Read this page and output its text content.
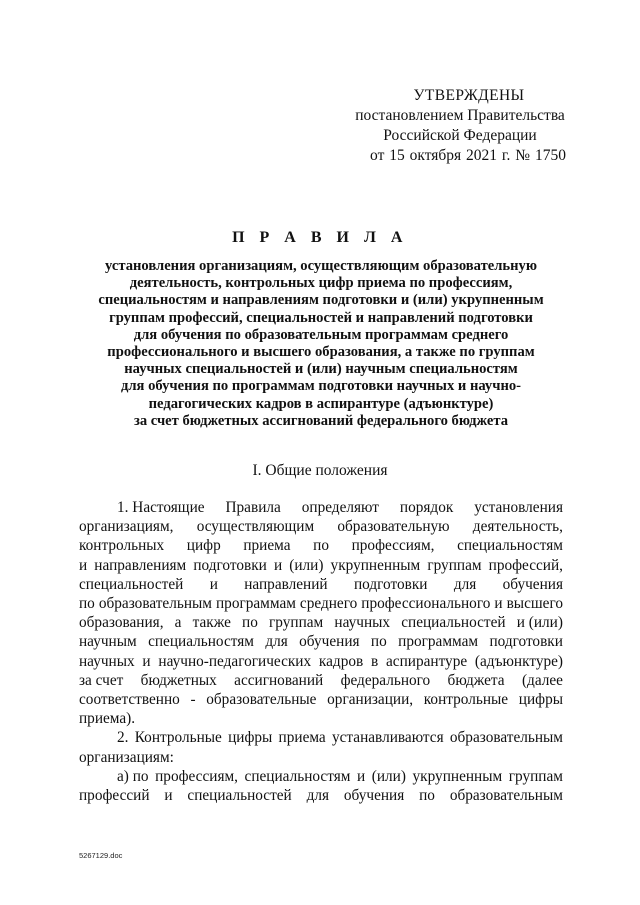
УТВЕРЖДЕНЫ
постановлением Правительства
Российской Федерации
от 15 октября 2021 г. № 1750
П Р А В И Л А
установления организациям, осуществляющим образовательную
деятельность, контрольных цифр приема по профессиям,
специальностям и направлениям подготовки и (или) укрупненным
группам профессий, специальностей и направлений подготовки
для обучения по образовательным программам среднего
профессионального и высшего образования, а также по группам
научных специальностей и (или) научным специальностям
для обучения по программам подготовки научных и научно-
педагогических кадров в аспирантуре (адъюнктуре)
за счет бюджетных ассигнований федерального бюджета
I. Общие положения
1. Настоящие Правила определяют порядок установления
организациям, осуществляющим образовательную деятельность,
контрольных цифр приема по профессиям, специальностям
и направлениям подготовки и (или) укрупненным группам профессий,
специальностей и направлений подготовки для обучения
по образовательным программам среднего профессионального и высшего
образования, а также по группам научных специальностей и (или)
научным специальностям для обучения по программам подготовки
научных и научно-педагогических кадров в аспирантуре (адъюнктуре)
за счет бюджетных ассигнований федерального бюджета (далее
соответственно - образовательные организации, контрольные цифры
приема).
2. Контрольные цифры приема устанавливаются образовательным
организациям:
а) по профессиям, специальностям и (или) укрупненным группам
профессий и специальностей для обучения по образовательным
5267129.doc
